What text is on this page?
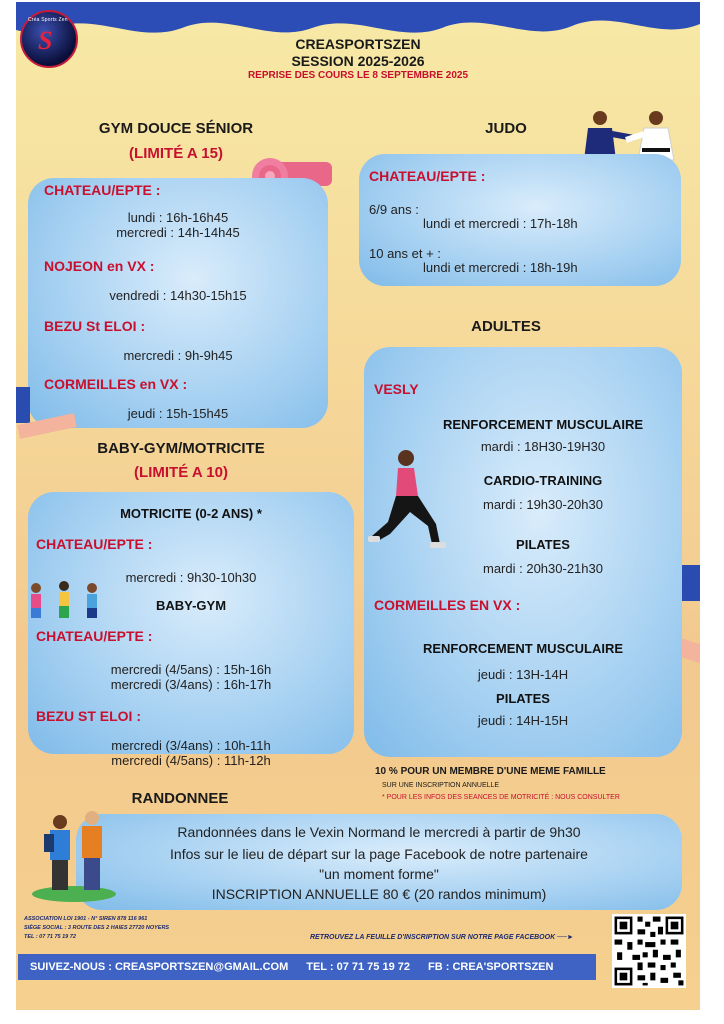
Créa Sports Zen
S	CREASPORTSZEN
SESSION 2025-2026
REPRISE DES COURS LE 8 SEPTEMBRE 2025
GYM DOUCE SÉNIOR
(LIMITÉ A 15)
CHATEAU/EPTE :
lundi : 16h-16h45
mercredi : 14h-14h45
NOJEON en VX :
vendredi : 14h30-15h15
BEZU St ELOI :
mercredi : 9h-9h45
CORMEILLES en VX :
jeudi : 15h-15h45
JUDO
CHATEAU/EPTE :
6/9 ans :
lundi et mercredi : 17h-18h
10 ans et + :
lundi et mercredi : 18h-19h
ADULTES
VESLY
RENFORCEMENT MUSCULAIRE
mardi : 18H30-19H30
CARDIO-TRAINING
mardi : 19h30-20h30
PILATES
mardi : 20h30-21h30
CORMEILLES EN VX :
RENFORCEMENT MUSCULAIRE
jeudi : 13H-14H
PILATES
jeudi : 14H-15H
BABY-GYM/MOTRICITE
(LIMITÉ A 10)
MOTRICITE (0-2 ANS) *
CHATEAU/EPTE :
mercredi : 9h30-10h30
BABY-GYM
CHATEAU/EPTE :
mercredi (4/5ans) : 15h-16h
mercredi (3/4ans) : 16h-17h
BEZU ST ELOI :
mercredi (3/4ans) : 10h-11h
mercredi (4/5ans) : 11h-12h
10 % POUR UN MEMBRE D'UNE MEME FAMILLE
SUR UNE INSCRIPTION ANNUELLE
* POUR LES INFOS DES SEANCES DE MOTRICITÉ : NOUS CONSULTER
RANDONNEE
Randonnées dans le Vexin Normand le mercredi à partir de 9h30
Infos sur le lieu de départ sur la page Facebook de notre partenaire
"un moment forme"
INSCRIPTION ANNUELLE 80 € (20 randos minimum)
ASSOCIATION LOI 1901 - N° SIREN 878 116 961
SIÈGE SOCIAL : 3 ROUTE DES 2 HAIES 27720 NOYERS
TEL : 07 71 75 19 72	RETROUVEZ LA FEUILLE D'INSCRIPTION SUR NOTRE PAGE FACEBOOK ──►
SUIVEZ-NOUS : CREASPORTSZEN@GMAIL.COM TEL : 07 71 75 19 72 FB : CREA'SPORTSZEN
